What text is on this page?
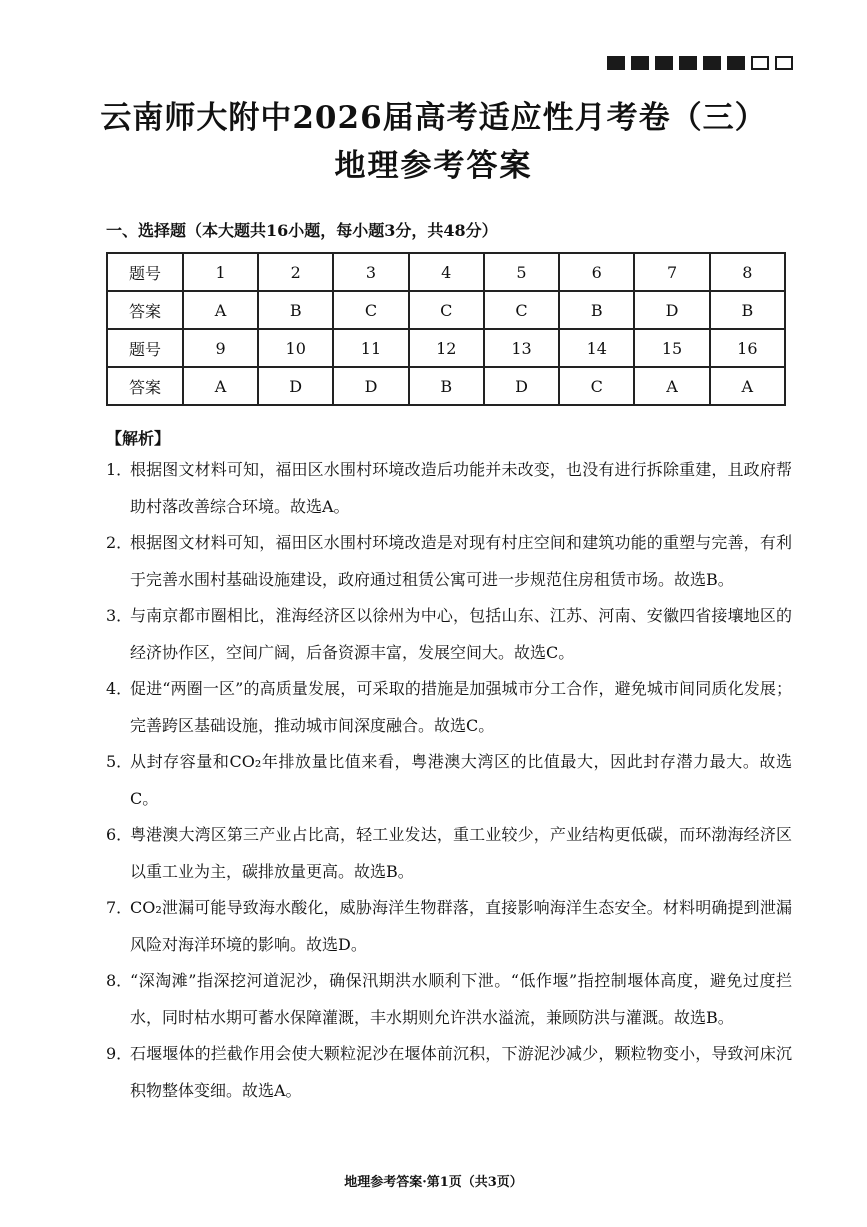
云南师大附中2026届高考适应性月考卷（三）
地理参考答案
一、选择题（本大题共16小题，每小题3分，共48分）
题号	1	2	3	4	5	6	7	8
答案	A	B	C	C	C	B	D	B
题号	9	10	11	12	13	14	15	16
答案	A	D	D	B	D	C	A	A
【解析】
1．
根据图文材料可知，福田区水围村环境改造后功能并未改变，也没有进行拆除重建，且政府帮助村落改善综合环境。故选A。
2．
根据图文材料可知，福田区水围村环境改造是对现有村庄空间和建筑功能的重塑与完善，有利于完善水围村基础设施建设，政府通过租赁公寓可进一步规范住房租赁市场。故选B。
3．
与南京都市圈相比，淮海经济区以徐州为中心，包括山东、江苏、河南、安徽四省接壤地区的经济协作区，空间广阔，后备资源丰富，发展空间大。故选C。
4．
促进“两圈一区”的高质量发展，可采取的措施是加强城市分工合作，避免城市间同质化发展；完善跨区基础设施，推动城市间深度融合。故选C。
5．
从封存容量和CO₂年排放量比值来看，粤港澳大湾区的比值最大，因此封存潜力最大。故选C。
6．
粤港澳大湾区第三产业占比高，轻工业发达，重工业较少，产业结构更低碳，而环渤海经济区以重工业为主，碳排放量更高。故选B。
7．
CO₂泄漏可能导致海水酸化，威胁海洋生物群落，直接影响海洋生态安全。材料明确提到泄漏风险对海洋环境的影响。故选D。
8．
“深淘滩”指深挖河道泥沙，确保汛期洪水顺利下泄。“低作堰”指控制堰体高度，避免过度拦水，同时枯水期可蓄水保障灌溉，丰水期则允许洪水溢流，兼顾防洪与灌溉。故选B。
9．
石堰堰体的拦截作用会使大颗粒泥沙在堰体前沉积，下游泥沙减少，颗粒物变小，导致河床沉积物整体变细。故选A。
地理参考答案·第1页（共3页）
